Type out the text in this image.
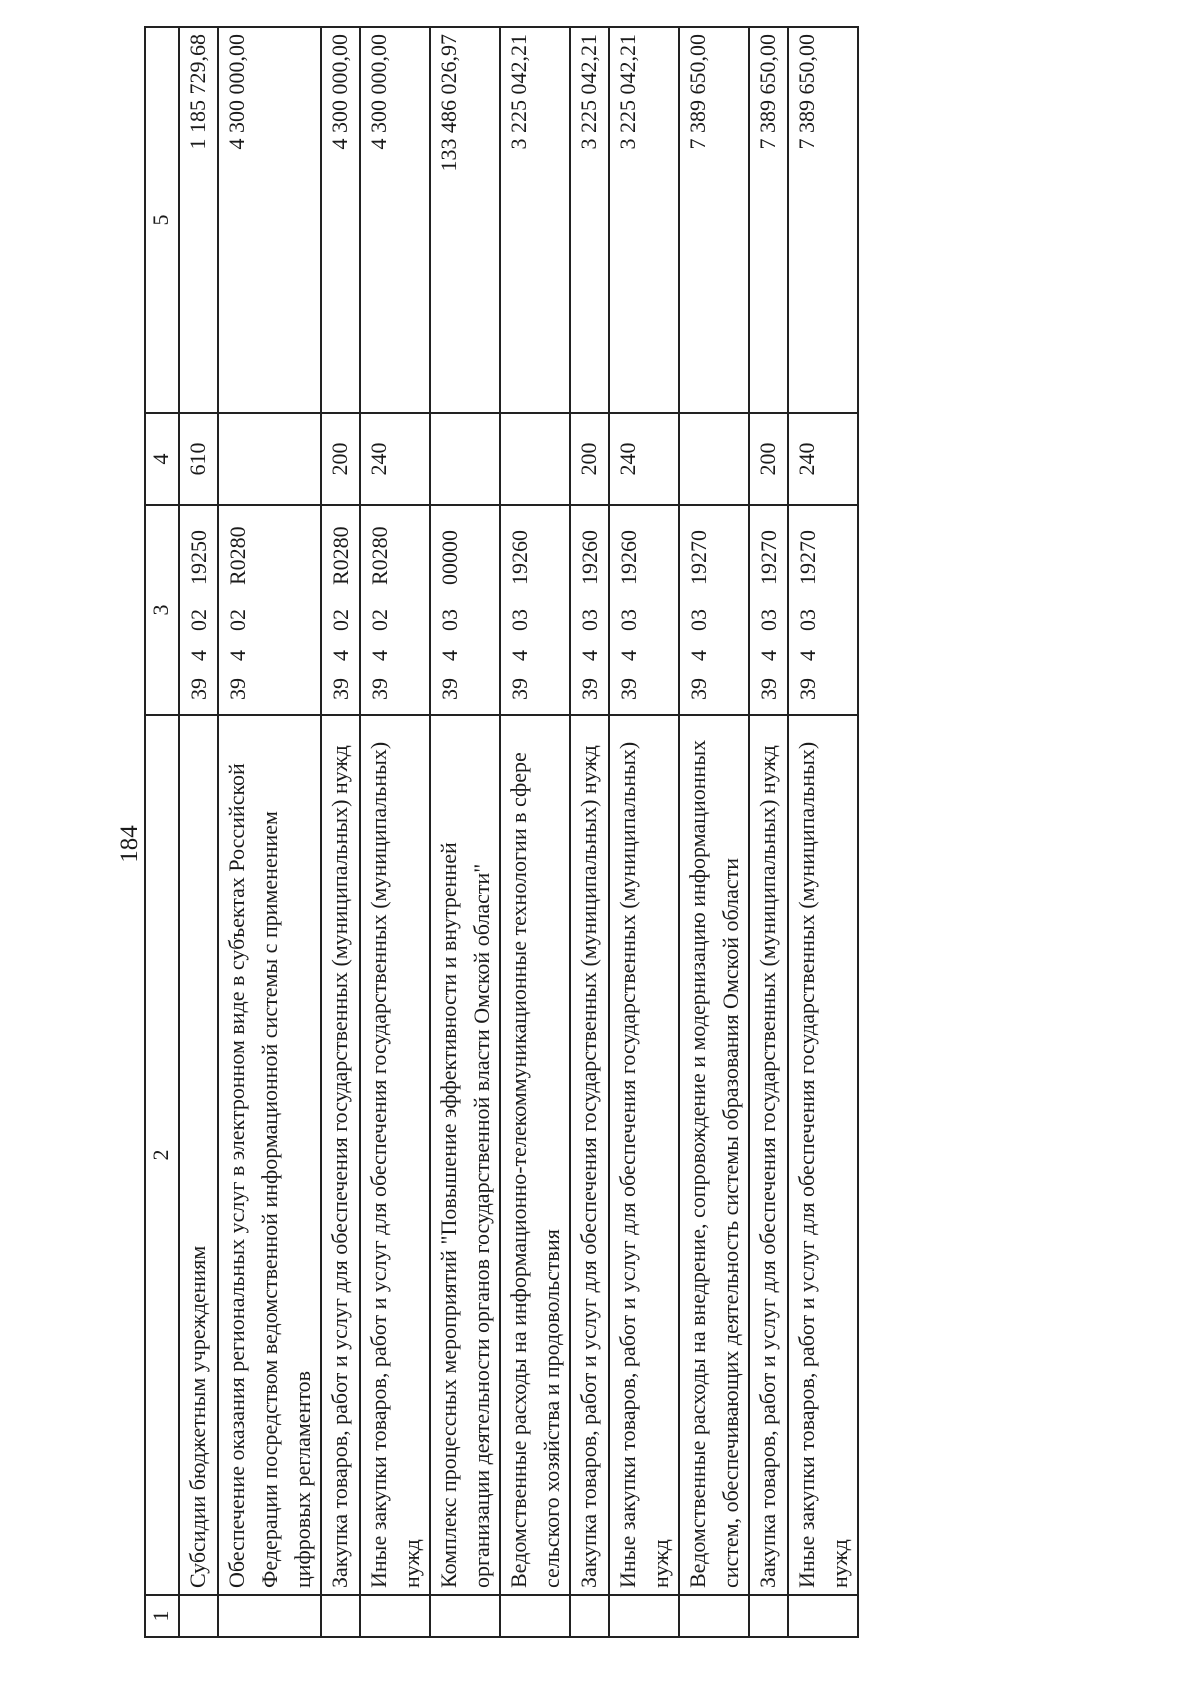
184
1	2	3				4	5
	Субсидии бюджетным учреждениям	39	4	02	19250	610	1 185 729,68
	Обеспечение оказания региональных услуг в электронном виде в субъектах Российской Федерации посредством ведомственной информационной системы с применением цифровых регламентов	39	4	02	R0280		4 300 000,00
	Закупка товаров, работ и услуг для обеспечения государственных (муниципальных) нужд	39	4	02	R0280	200	4 300 000,00
	Иные закупки товаров, работ и услуг для обеспечения государственных (муниципальных) нужд	39	4	02	R0280	240	4 300 000,00
	Комплекс процессных мероприятий "Повышение эффективности и внутренней организации деятельности органов государственной власти Омской области"	39	4	03	00000		133 486 026,97
	Ведомственные расходы на информационно-телекоммуникационные технологии в сфере сельского хозяйства и продовольствия	39	4	03	19260		3 225 042,21
	Закупка товаров, работ и услуг для обеспечения государственных (муниципальных) нужд	39	4	03	19260	200	3 225 042,21
	Иные закупки товаров, работ и услуг для обеспечения государственных (муниципальных) нужд	39	4	03	19260	240	3 225 042,21
	Ведомственные расходы на внедрение, сопровождение и модернизацию информационных систем, обеспечивающих деятельность системы образования Омской области	39	4	03	19270		7 389 650,00
	Закупка товаров, работ и услуг для обеспечения государственных (муниципальных) нужд	39	4	03	19270	200	7 389 650,00
	Иные закупки товаров, работ и услуг для обеспечения государственных (муниципальных) нужд	39	4	03	19270	240	7 389 650,00
